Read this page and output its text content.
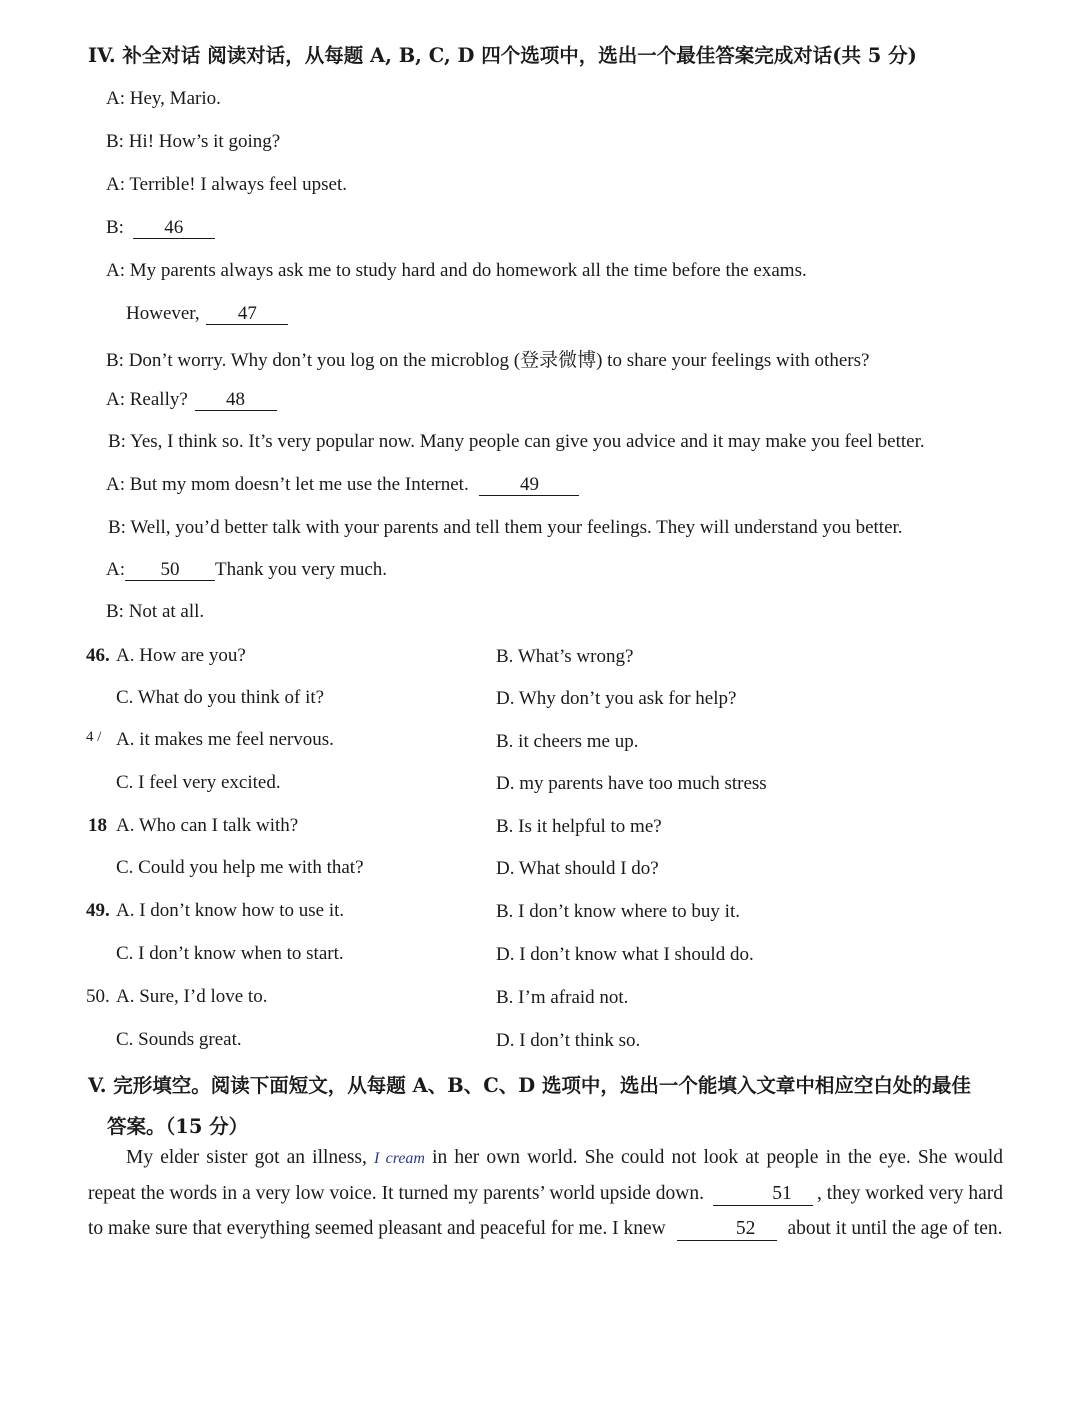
IV. 补全对话 阅读对话，从每题 A, B, C, D 四个选项中，选出一个最佳答案完成对话(共 5 分)
A: Hey, Mario.
B: Hi! How’s it going?
A: Terrible! I always feel upset.
B: 46
A: My parents always ask me to study hard and do homework all the time before the exams.
However, 47
B: Don’t worry. Why don’t you log on the microblog (登录微博) to share your feelings with others?
A: Really? 48
B: Yes, I think so. It’s very popular now. Many people can give you advice and it may make you feel better.
A: But my mom doesn’t let me use the Internet. 49
B: Well, you’d better talk with your parents and tell them your feelings. They will understand you better.
A: 50 Thank you very much.
B: Not at all.
46. A. How are you?	B. What’s wrong?
C. What do you think of it?	D. Why don’t you ask for help?
4 / A. it makes me feel nervous.	B. it cheers me up.
C. I feel very excited.	D. my parents have too much stress
18 A. Who can I talk with?	B. Is it helpful to me?
C. Could you help me with that?	D. What should I do?
49. A. I don’t know how to use it.	B. I don’t know where to buy it.
C. I don’t know when to start.	D. I don’t know what I should do.
50. A. Sure, I’d love to.	B. I’m afraid not.
C. Sounds great.	D. I don’t think so.
V. 完形填空。阅读下面短文，从每题 A、B、C、D 选项中，选出一个能填入文章中相应空白处的最佳
答案。（15 分）
My elder sister got an illness, I cream in her own world. She could not look at people in the eye. She would repeat the words in a very low voice. It turned my parents’ world upside down.	51 , they worked very hard to make sure that everything seemed pleasant and peaceful for me. I knew	52 about it until the age of ten.
